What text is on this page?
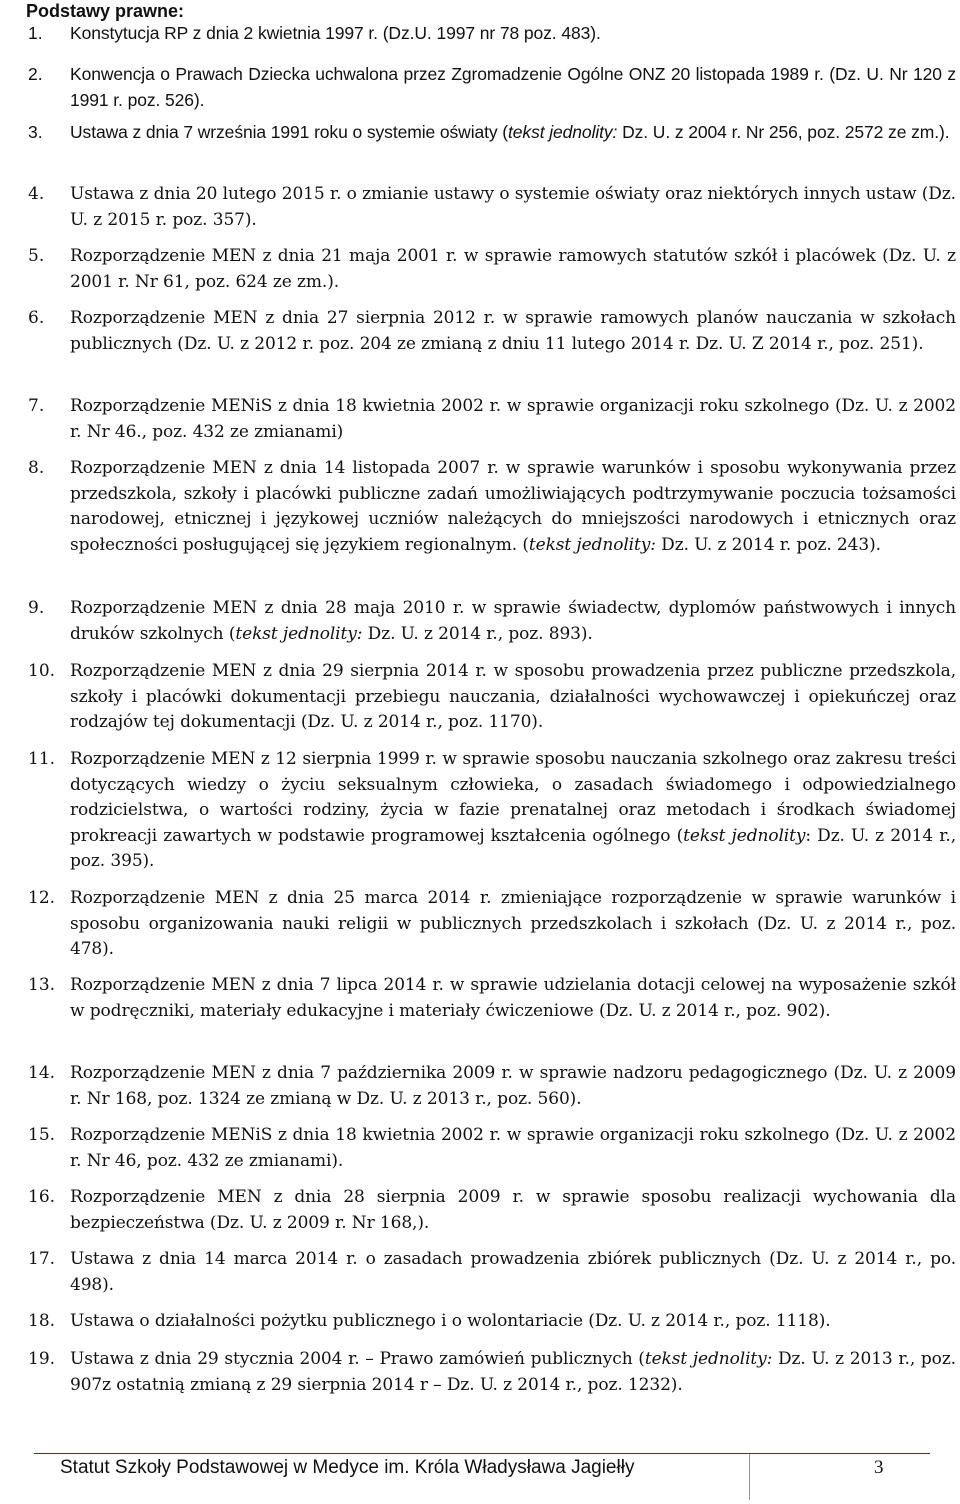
Podstawy prawne:
1. Konstytucja RP z dnia 2 kwietnia 1997 r. (Dz.U. 1997 nr 78 poz. 483).
2. Konwencja o Prawach Dziecka uchwalona przez Zgromadzenie Ogólne ONZ 20 listopada 1989 r. (Dz. U. Nr 120 z 1991 r. poz. 526).
3. Ustawa z dnia 7 września 1991 roku o systemie oświaty (tekst jednolity: Dz. U. z 2004 r. Nr 256, poz. 2572 ze zm.).
4. Ustawa z dnia 20 lutego 2015 r. o zmianie ustawy o systemie oświaty oraz niektórych innych ustaw (Dz. U. z 2015 r. poz. 357).
5. Rozporządzenie MEN z dnia 21 maja 2001 r. w sprawie ramowych statutów szkół i placówek (Dz. U. z 2001 r. Nr 61, poz. 624 ze zm.).
6. Rozporządzenie MEN z dnia 27 sierpnia 2012 r. w sprawie ramowych planów nauczania w szkołach publicznych (Dz. U. z 2012 r. poz. 204 ze zmianą z dniu 11 lutego 2014 r. Dz. U. Z 2014 r., poz. 251).
7. Rozporządzenie MENiS z dnia 18 kwietnia 2002 r. w sprawie organizacji roku szkolnego (Dz. U. z 2002 r. Nr 46., poz. 432 ze zmianami)
8. Rozporządzenie MEN z dnia 14 listopada 2007 r. w sprawie warunków i sposobu wykonywania przez przedszkola, szkoły i placówki publiczne zadań umożliwiających podtrzymywanie poczucia tożsamości narodowej, etnicznej i językowej uczniów należących do mniejszości narodowych i etnicznych oraz społeczności posługującej się językiem regionalnym. (tekst jednolity: Dz. U. z 2014 r. poz. 243).
9. Rozporządzenie MEN z dnia 28 maja 2010 r. w sprawie świadectw, dyplomów państwowych i innych druków szkolnych (tekst jednolity: Dz. U. z 2014 r., poz. 893).
10. Rozporządzenie MEN z dnia 29 sierpnia 2014 r. w sposobu prowadzenia przez publiczne przedszkola, szkoły i placówki dokumentacji przebiegu nauczania, działalności wychowawczej i opiekuńczej oraz rodzajów tej dokumentacji (Dz. U. z 2014 r., poz. 1170).
11. Rozporządzenie MEN z 12 sierpnia 1999 r. w sprawie sposobu nauczania szkolnego oraz zakresu treści dotyczących wiedzy o życiu seksualnym człowieka, o zasadach świadomego i odpowiedzialnego rodzicielstwa, o wartości rodziny, życia w fazie prenatalnej oraz metodach i środkach świadomej prokreacji zawartych w podstawie programowej kształcenia ogólnego (tekst jednolity: Dz. U. z 2014 r., poz. 395).
12. Rozporządzenie MEN z dnia 25 marca 2014 r. zmieniające rozporządzenie w sprawie warunków i sposobu organizowania nauki religii w publicznych przedszkolach i szkołach (Dz. U. z 2014 r., poz. 478).
13. Rozporządzenie MEN z dnia 7 lipca 2014 r. w sprawie udzielania dotacji celowej na wyposażenie szkół w podręczniki, materiały edukacyjne i materiały ćwiczeniowe (Dz. U. z 2014 r., poz. 902).
14. Rozporządzenie MEN z dnia 7 października 2009 r. w sprawie nadzoru pedagogicznego (Dz. U. z 2009 r. Nr 168, poz. 1324 ze zmianą w Dz. U. z 2013 r., poz. 560).
15. Rozporządzenie MENiS z dnia 18 kwietnia 2002 r. w sprawie organizacji roku szkolnego (Dz. U. z 2002 r. Nr 46, poz. 432 ze zmianami).
16. Rozporządzenie MEN z dnia 28 sierpnia 2009 r. w sprawie sposobu realizacji wychowania dla bezpieczeństwa (Dz. U. z 2009 r. Nr 168,).
17. Ustawa z dnia 14 marca 2014 r. o zasadach prowadzenia zbiórek publicznych (Dz. U. z 2014 r., po. 498).
18. Ustawa o działalności pożytku publicznego i o wolontariacie (Dz. U. z 2014 r., poz. 1118).
19. Ustawa z dnia 29 stycznia 2004 r. – Prawo zamówień publicznych (tekst jednolity: Dz. U. z 2013 r., poz. 907z ostatnią zmianą z 29 sierpnia 2014 r – Dz. U. z 2014 r., poz. 1232).
Statut Szkoły Podstawowej w Medyce im. Króla Władysława Jagiełły	3
